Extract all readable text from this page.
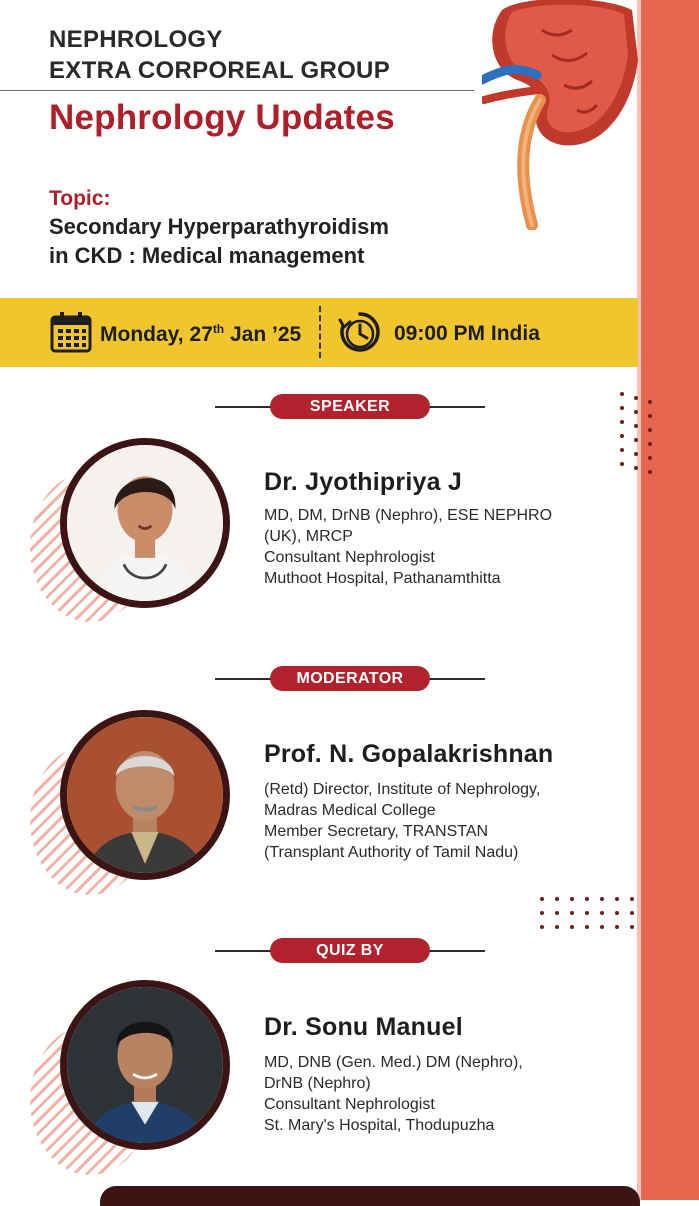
NEPHROLOGY
EXTRA CORPOREAL GROUP
Nephrology Updates
Topic:
Secondary Hyperparathyroidism
in CKD : Medical management
Monday, 27th Jan ’25	09:00 PM India
SPEAKER
Dr. Jyothipriya J
MD, DM, DrNB (Nephro), ESE NEPHRO
(UK), MRCP
Consultant Nephrologist
Muthoot Hospital, Pathanamthitta
MODERATOR
Prof. N. Gopalakrishnan
(Retd) Director, Institute of Nephrology,
Madras Medical College
Member Secretary, TRANSTAN
(Transplant Authority of Tamil Nadu)
QUIZ BY
Dr. Sonu Manuel
MD, DNB (Gen. Med.) DM (Nephro),
DrNB (Nephro)
Consultant Nephrologist
St. Mary's Hospital, Thodupuzha
